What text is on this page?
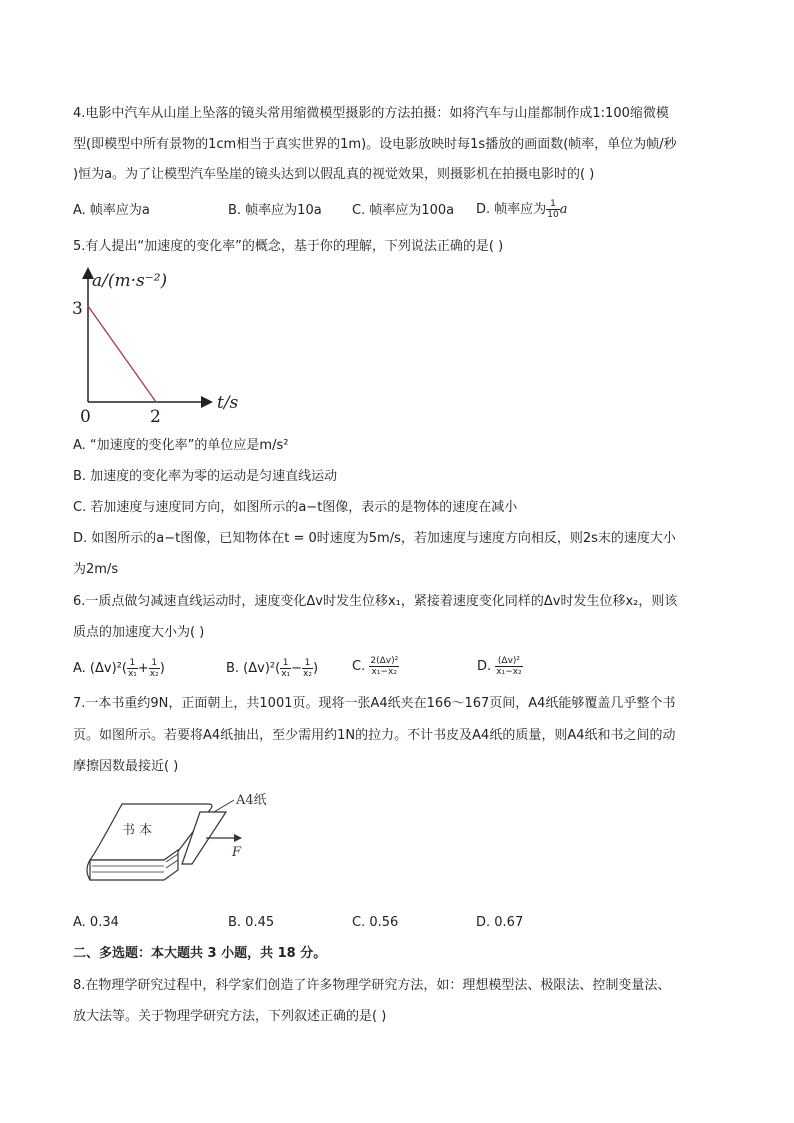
4.电影中汽车从山崖上坠落的镜头常用缩微模型摄影的方法拍摄：如将汽车与山崖都制作成1:100缩微模
型(即模型中所有景物的1cm相当于真实世界的1m)。设电影放映时每1s播放的画面数(帧率，单位为帧/秒
)恒为a。为了让模型汽车坠崖的镜头达到以假乱真的视觉效果，则摄影机在拍摄电影时的( )
A. 帧率应为a	B. 帧率应为10a C. 帧率应为100a D. 帧率应为 $\frac{1}{10}$ a
5.有人提出“加速度的变化率”的概念，基于你的理解，下列说法正确的是( )
a/(m·s⁻²)
t/s
3
2
0
A. “加速度的变化率”的单位应是m/s²
B. 加速度的变化率为零的运动是匀速直线运动
C. 若加速度与速度同方向，如图所示的a−t图像，表示的是物体的速度在减小
D. 如图所示的a−t图像，已知物体在t = 0时速度为5m/s，若加速度与速度方向相反，则2s末的速度大小
为2m/s
6.一质点做匀减速直线运动时，速度变化Δv时发生位移x₁，紧接着速度变化同样的Δv时发生位移x₂，则该
质点的加速度大小为( )
A. $(\Delta v)^2( \frac{1}{\text{x₁}} + \frac{1}{\text{x₂}}$ )	B. $(\Delta v)^2( \frac{1}{\text{x₁}} - \frac{1}{\text{x₂}}$ )	C. $\frac{\text{2(Δv)²}}{\text{x₁−x₂}}$	D. $\frac{\text{(Δv)²}}{\text{x₁−x₂}}$
7.一本书重约9N，正面朝上，共1001页。现将一张A4纸夹在166～167页间，A4纸能够覆盖几乎整个书
页。如图所示。若要将A4纸抽出，至少需用约1N的拉力。不计书皮及A4纸的质量，则A4纸和书之间的动
摩擦因数最接近( )
A4纸
书 本
F
A. 0.34	B. 0.45	C. 0.56	D. 0.67
二、多选题：本大题共 3 小题，共 18 分。
8.在物理学研究过程中，科学家们创造了许多物理学研究方法，如：理想模型法、极限法、控制变量法、
放大法等。关于物理学研究方法，下列叙述正确的是( )
